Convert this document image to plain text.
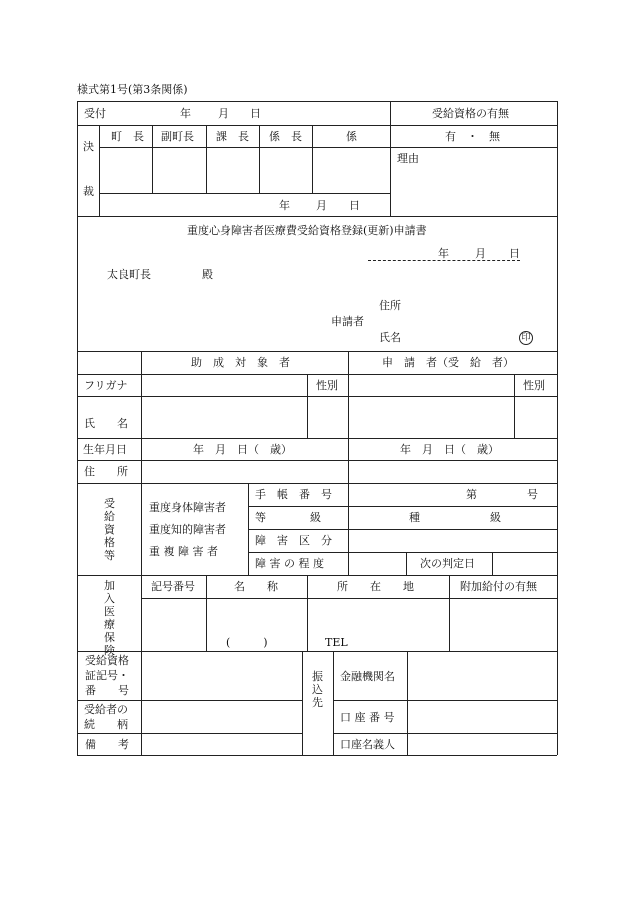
様式第1号(第3条関係)
受付	年 月 日	受給資格の有無
決
裁
町　長 副町長 課　長 係　長	係	有　・　無
理由
年 月 日
重度心身障害者医療費受給資格登録(更新)申請書
年 月 日
太良町長	殿
住所
申請者
氏名	印
助　成　対　象　者	申　請　者（受　給　者）
フリガナ	性別	性別
氏　　名
生年月日	年　月　日（　歳）	年　月　日（　歳）
住　　所
受給資格等
重度身体障害者
重度知的障害者
重 複 障 害 者
手　帳　番　号	第	号
等　　　　級	種	級
障　害　区　分
障 害 の 程 度	次の判定日
加入医療保険
記号番号	名　　称	所　　在　　地	附加給付の有無
(　　　)	TEL
受給資格
証記号・
番　　号
受給者の
続　　柄
備　　考
振込先
金融機関名
口 座 番 号
口座名義人
